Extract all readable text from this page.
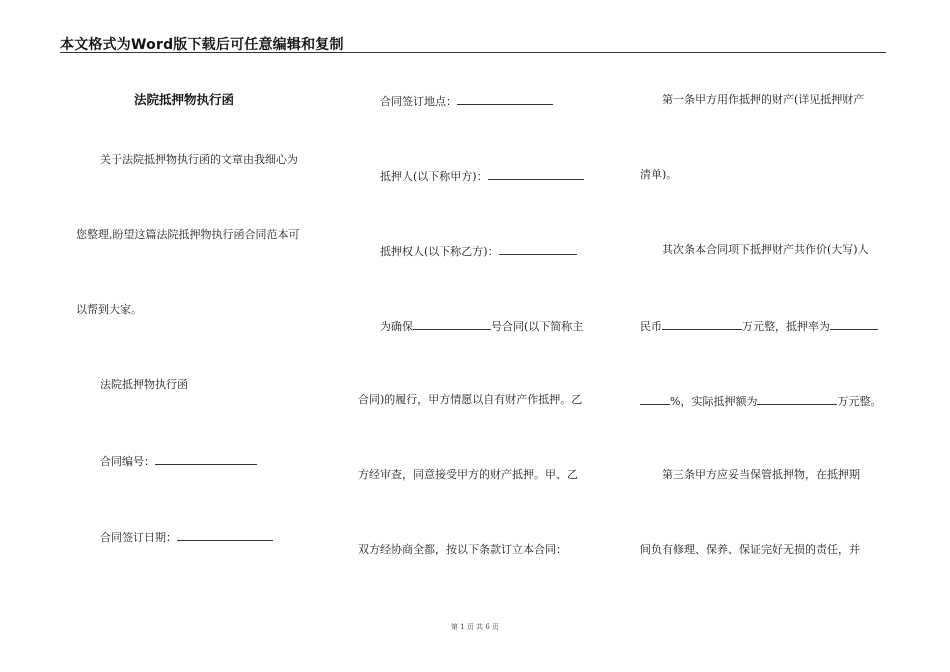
本文格式为Word版下载后可任意编辑和复制
法院抵押物执行函
关于法院抵押物执行函的文章由我细心为
您整理,盼望这篇法院抵押物执行函合同范本可
以帮到大家。
法院抵押物执行函
合同编号：
合同签订日期：
合同签订地点：
抵押人(以下称甲方)：
抵押权人(以下称乙方)：
为确保	号合同(以下简称主
合同)的履行，甲方情愿以自有财产作抵押。乙
方经审查，同意接受甲方的财产抵押。甲、乙
双方经协商全都，按以下条款订立本合同：
第一条甲方用作抵押的财产(详见抵押财产
清单)。
其次条本合同项下抵押财产共作价(大写)人
民币	万元整，抵押率为
%，实际抵押额为	万元整。
第三条甲方应妥当保管抵押物，在抵押期
间负有修理、保养、保证完好无损的责任，并
第 1 页 共 6 页
